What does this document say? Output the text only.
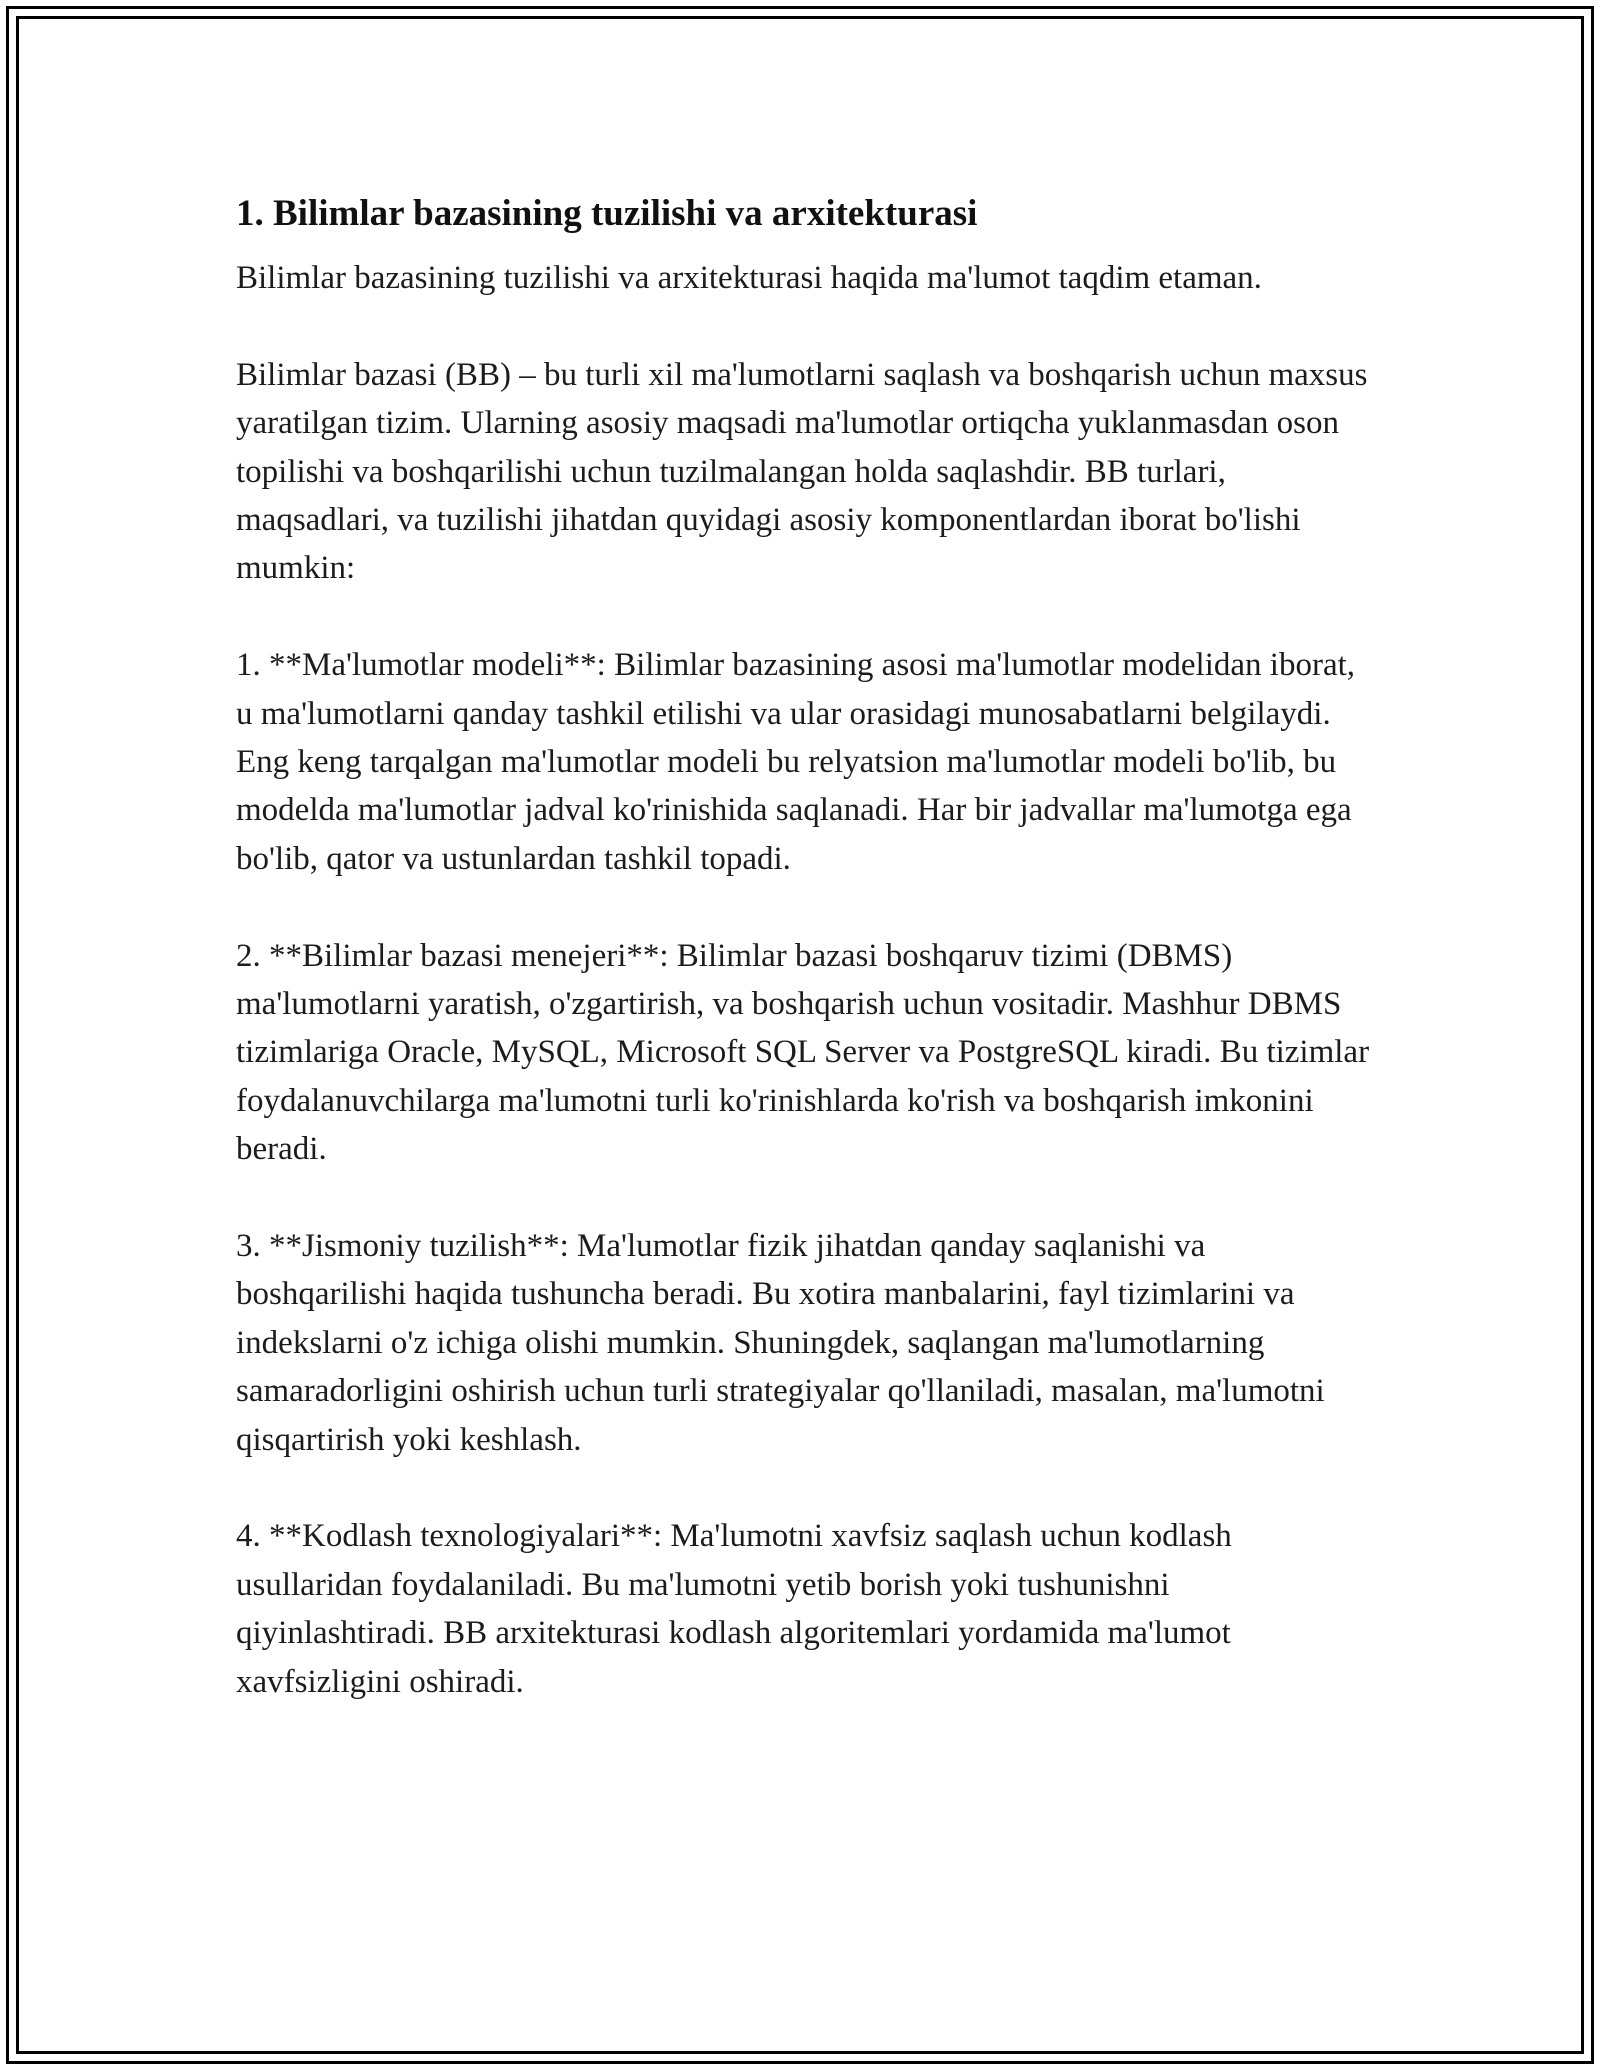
1. Bilimlar bazasining tuzilishi va arxitekturasi

Bilimlar bazasining tuzilishi va arxitekturasi haqida ma'lumot taqdim etaman.

Bilimlar bazasi (BB) – bu turli xil ma'lumotlarni saqlash va boshqarish uchun maxsus yaratilgan tizim. Ularning asosiy maqsadi ma'lumotlar ortiqcha yuklanmasdan oson topilishi va boshqarilishi uchun tuzilmalangan holda saqlashdir. BB turlari, maqsadlari, va tuzilishi jihatdan quyidagi asosiy komponentlardan iborat bo'lishi mumkin:

1. **Ma'lumotlar modeli**: Bilimlar bazasining asosi ma'lumotlar modelidan iborat, u ma'lumotlarni qanday tashkil etilishi va ular orasidagi munosabatlarni belgilaydi. Eng keng tarqalgan ma'lumotlar modeli bu relyatsion ma'lumotlar modeli bo'lib, bu modelda ma'lumotlar jadval ko'rinishida saqlanadi. Har bir jadvallar ma'lumotga ega bo'lib, qator va ustunlardan tashkil topadi.

2. **Bilimlar bazasi menejeri**: Bilimlar bazasi boshqaruv tizimi (DBMS) ma'lumotlarni yaratish, o'zgartirish, va boshqarish uchun vositadir. Mashhur DBMS tizimlariga Oracle, MySQL, Microsoft SQL Server va PostgreSQL kiradi. Bu tizimlar foydalanuvchilarga ma'lumotni turli ko'rinishlarda ko'rish va boshqarish imkonini beradi.

3. **Jismoniy tuzilish**: Ma'lumotlar fizik jihatdan qanday saqlanishi va boshqarilishi haqida tushuncha beradi. Bu xotira manbalarini, fayl tizimlarini va indekslarni o'z ichiga olishi mumkin. Shuningdek, saqlangan ma'lumotlarning samaradorligini oshirish uchun turli strategiyalar qo'llaniladi, masalan, ma'lumotni qisqartirish yoki keshlash.

4. **Kodlash texnologiyalari**: Ma'lumotni xavfsiz saqlash uchun kodlash usullaridan foydalaniladi. Bu ma'lumotni yetib borish yoki tushunishni qiyinlashtiradi. BB arxitekturasi kodlash algoritemlari yordamida ma'lumot xavfsizligini oshiradi.
